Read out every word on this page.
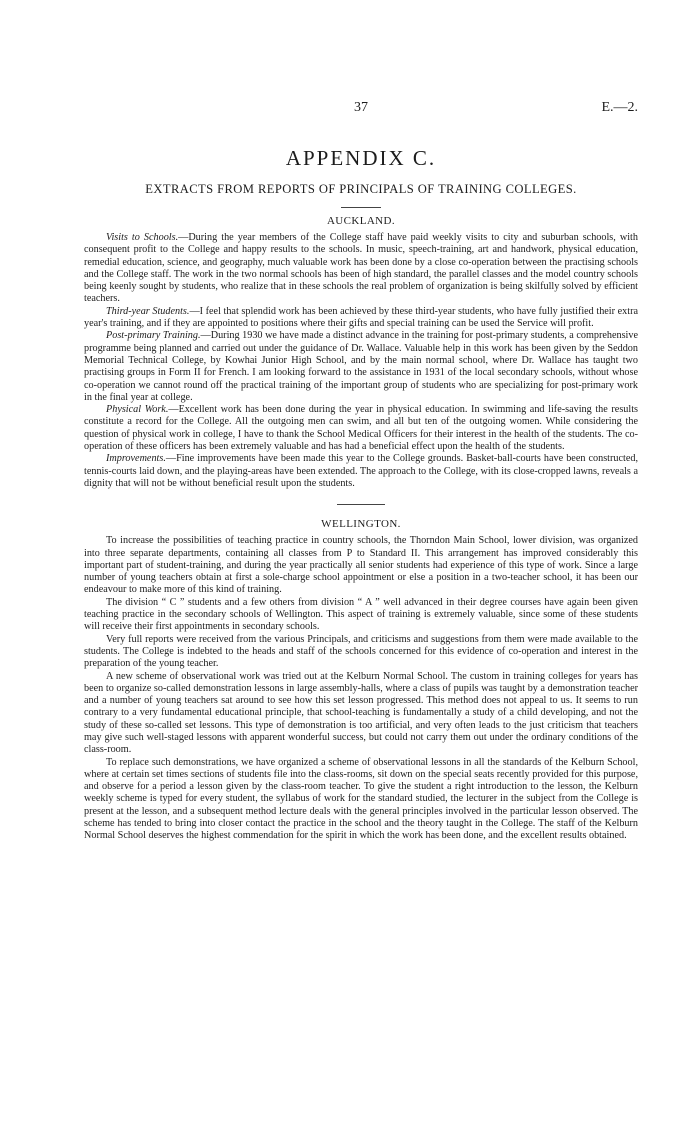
37	E.—2.
APPENDIX C.
EXTRACTS FROM REPORTS OF PRINCIPALS OF TRAINING COLLEGES.
AUCKLAND.

Visits to Schools.—During the year members of the College staff have paid weekly visits to city and suburban schools, with consequent profit to the College and happy results to the schools. In music, speech-training, art and handwork, physical education, remedial education, science, and geography, much valuable work has been done by a close co-operation between the practising schools and the College staff. The work in the two normal schools has been of high standard, the parallel classes and the model country schools being keenly sought by students, who realize that in these schools the real problem of organization is being skilfully solved by efficient teachers.

Third-year Students.—I feel that splendid work has been achieved by these third-year students, who have fully justified their extra year's training, and if they are appointed to positions where their gifts and special training can be used the Service will profit.

Post-primary Training.—During 1930 we have made a distinct advance in the training for post-primary students, a comprehensive programme being planned and carried out under the guidance of Dr. Wallace. Valuable help in this work has been given by the Seddon Memorial Technical College, by Kowhai Junior High School, and by the main normal school, where Dr. Wallace has taught two practising groups in Form II for French. I am looking forward to the assistance in 1931 of the local secondary schools, without whose co-operation we cannot round off the practical training of the important group of students who are specializing for post-primary work in the final year at college.

Physical Work.—Excellent work has been done during the year in physical education. In swimming and life-saving the results constitute a record for the College. All the outgoing men can swim, and all but ten of the outgoing women. While considering the question of physical work in college, I have to thank the School Medical Officers for their interest in the health of the students. The co-operation of these officers has been extremely valuable and has had a beneficial effect upon the health of the students.

Improvements.—Fine improvements have been made this year to the College grounds. Basket-ball-courts have been constructed, tennis-courts laid down, and the playing-areas have been extended. The approach to the College, with its close-cropped lawns, reveals a dignity that will not be without beneficial result upon the students.

WELLINGTON.

To increase the possibilities of teaching practice in country schools, the Thorndon Main School, lower division, was organized into three separate departments, containing all classes from P to Standard II. This arrangement has improved considerably this important part of student-training, and during the year practically all senior students had experience of this type of work. Since a large number of young teachers obtain at first a sole-charge school appointment or else a position in a two-teacher school, it has been our endeavour to make more of this kind of training.

The division “ C ” students and a few others from division “ A ” well advanced in their degree courses have again been given teaching practice in the secondary schools of Wellington. This aspect of training is extremely valuable, since some of these students will receive their first appointments in secondary schools.

Very full reports were received from the various Principals, and criticisms and suggestions from them were made available to the students. The College is indebted to the heads and staff of the schools concerned for this evidence of co-operation and interest in the preparation of the young teacher.

A new scheme of observational work was tried out at the Kelburn Normal School. The custom in training colleges for years has been to organize so-called demonstration lessons in large assembly-halls, where a class of pupils was taught by a demonstration teacher and a number of young teachers sat around to see how this set lesson progressed. This method does not appeal to us. It seems to run contrary to a very fundamental educational principle, that school-teaching is fundamentally a study of a child developing, and not the study of these so-called set lessons. This type of demonstration is too artificial, and very often leads to the just criticism that teachers may give such well-staged lessons with apparent wonderful success, but could not carry them out under the ordinary conditions of the class-room.

To replace such demonstrations, we have organized a scheme of observational lessons in all the standards of the Kelburn School, where at certain set times sections of students file into the class-rooms, sit down on the special seats recently provided for this purpose, and observe for a period a lesson given by the class-room teacher. To give the student a right introduction to the lesson, the Kelburn weekly scheme is typed for every student, the syllabus of work for the standard studied, the lecturer in the subject from the College is present at the lesson, and a subsequent method lecture deals with the general principles involved in the particular lesson observed. The scheme has tended to bring into closer contact the practice in the school and the theory taught in the College. The staff of the Kelburn Normal School deserves the highest commendation for the spirit in which the work has been done, and the excellent results obtained.
